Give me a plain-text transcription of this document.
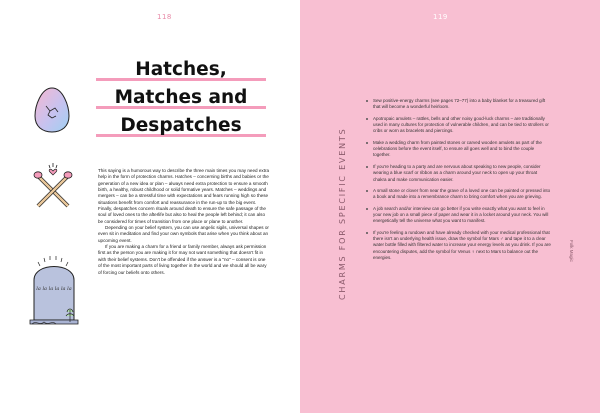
118	119
Hatches,
Matches and
Despatches
la la la la la la

This saying is a humorous way to describe the three main times you may need extra help in the form of protection charms. Hatches – concerning births and babies or the generation of a new idea or plan – always need extra protection to ensure a smooth birth, a healthy, robust childhood or solid formative years. Matches – weddings and mergers – can be a stressful time with expectations and fears running high so these situations benefit from comfort and reassurance in the run-up to the big event. Finally, despatches concern rituals around death to ensure the safe passage of the soul of loved ones to the afterlife but also to heal the people left behind; it can also be considered for times of transition from one place or plane to another.

Depending on your belief system, you can use angelic sigils, universal shapes or even sit in meditation and find your own symbols that arise when you think about an upcoming event.

If you are making a charm for a friend or family member, always ask permission first as the person you are making it for may not want something that doesn't fit in with their belief systems. Don't be offended if the answer is a "no" – consent is one of the most important parts of living together in the world and we should all be wary of forcing our beliefs onto others.	CHARMS FOR SPECIFIC EVENTS	Folk Magic
Sew positive-energy charms (see pages 72–77) into a baby blanket for a treasured gift that will become a wonderful heirloom.
Apotropaic amulets – rattles, bells and other noisy good-luck charms – are traditionally used in many cultures for protection of vulnerable children, and can be tied to strollers or cribs or worn as bracelets and piercings.
Make a wedding charm from painted stones or carved wooden amulets as part of the celebrations before the event itself, to ensure all goes well and to bind the couple together.
If you're heading to a party and are nervous about speaking to new people, consider wearing a blue scarf or ribbon as a charm around your neck to open up your throat chakra and make communication easier.
A small stone or clover from near the grave of a loved one can be painted or pressed into a book and made into a remembrance charm to bring comfort when you are grieving.
A job search and/or interview can go better if you write exactly what you want to feel in your new job on a small piece of paper and wear it in a locket around your neck. You will energetically tell the universe what you want to manifest.
If you're feeling a rundown and have already checked with your medical professional that there isn't an underlying health issue, draw the symbol for Mars ♂ and tape it to a clear water bottle filled with filtered water to increase your energy levels as you drink. If you are encountering disputes, add the symbol for Venus ♀ next to Mars to balance out the energies.
